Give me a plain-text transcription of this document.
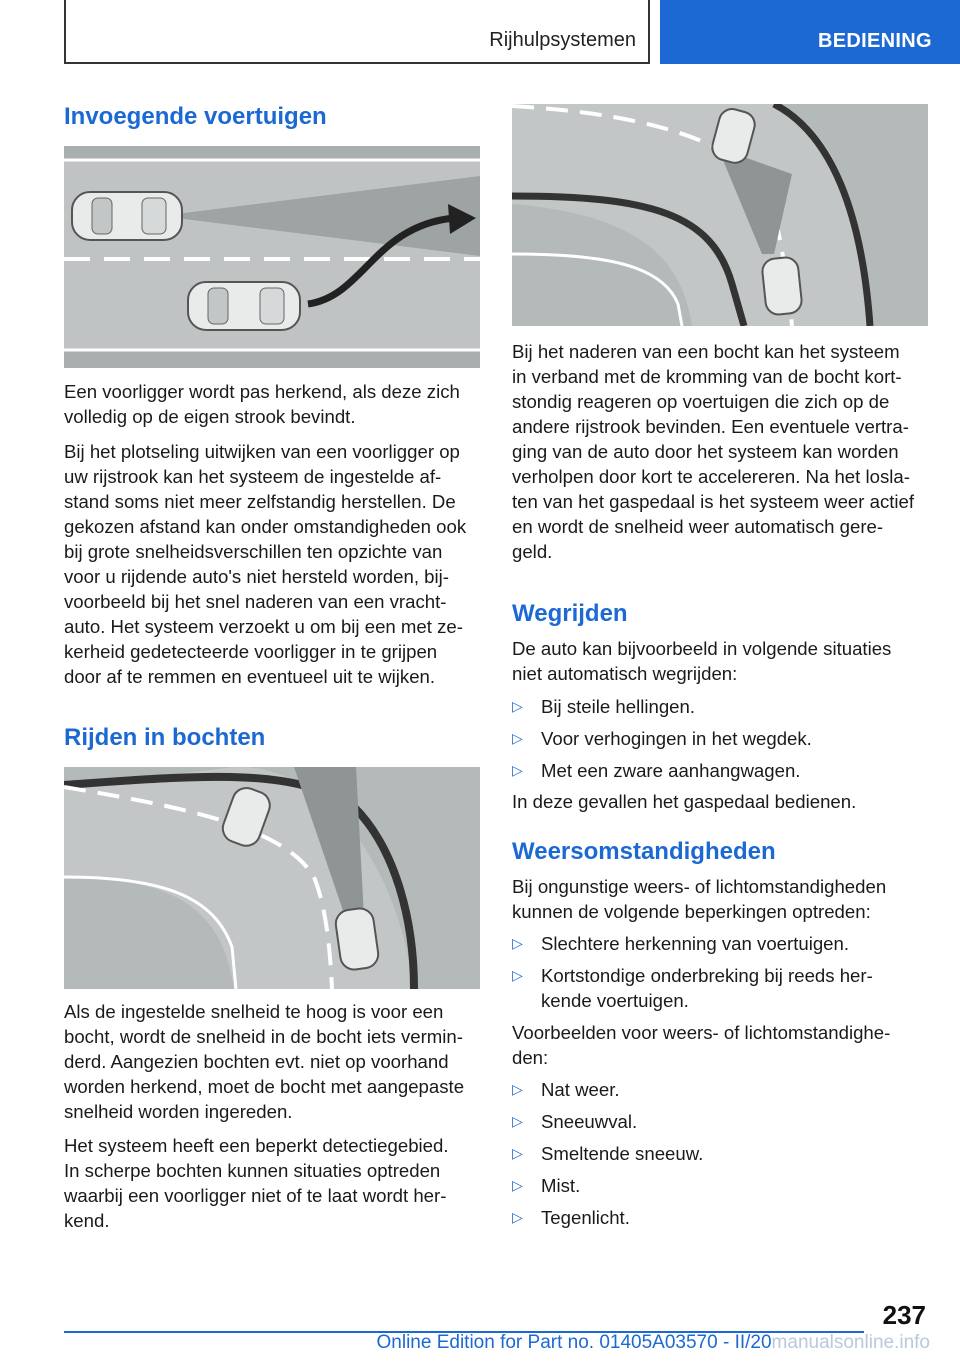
Rijhulpsystemen	BEDIENING
Invoegende voertuigen

Een voorligger wordt pas herkend, als deze zich
volledig op de eigen strook bevindt.

Bij het plotseling uitwijken van een voorligger op
uw rijstrook kan het systeem de ingestelde af-
stand soms niet meer zelfstandig herstellen. De
gekozen afstand kan onder omstandigheden ook
bij grote snelheidsverschillen ten opzichte van
voor u rijdende auto's niet hersteld worden, bij-
voorbeeld bij het snel naderen van een vracht-
auto. Het systeem verzoekt u om bij een met ze-
kerheid gedetecteerde voorligger in te grijpen
door af te remmen en eventueel uit te wijken.

Rijden in bochten

Als de ingestelde snelheid te hoog is voor een
bocht, wordt de snelheid in de bocht iets vermin-
derd. Aangezien bochten evt. niet op voorhand
worden herkend, moet de bocht met aangepaste
snelheid worden ingereden.

Het systeem heeft een beperkt detectiegebied.
In scherpe bochten kunnen situaties optreden
waarbij een voorligger niet of te laat wordt her-
kend.

Bij het naderen van een bocht kan het systeem
in verband met de kromming van de bocht kort-
stondig reageren op voertuigen die zich op de
andere rijstrook bevinden. Een eventuele vertra-
ging van de auto door het systeem kan worden
verholpen door kort te accelereren. Na het losla-
ten van het gaspedaal is het systeem weer actief
en wordt de snelheid weer automatisch gere-
geld.

Wegrijden

De auto kan bijvoorbeeld in volgende situaties
niet automatisch wegrijden:

▷ Bij steile hellingen.
▷ Voor verhogingen in het wegdek.
▷ Met een zware aanhangwagen.

In deze gevallen het gaspedaal bedienen.

Weersomstandigheden

Bij ongunstige weers- of lichtomstandigheden
kunnen de volgende beperkingen optreden:

▷ Slechtere herkenning van voertuigen.
▷ Kortstondige onderbreking bij reeds her-
kende voertuigen.

Voorbeelden voor weers- of lichtomstandighe-
den:

▷ Nat weer.
▷ Sneeuwval.
▷ Smeltende sneeuw.
▷ Mist.
▷ Tegenlicht.
237
Online Edition for Part no. 01405A03570 - II/20manualsonline.info
